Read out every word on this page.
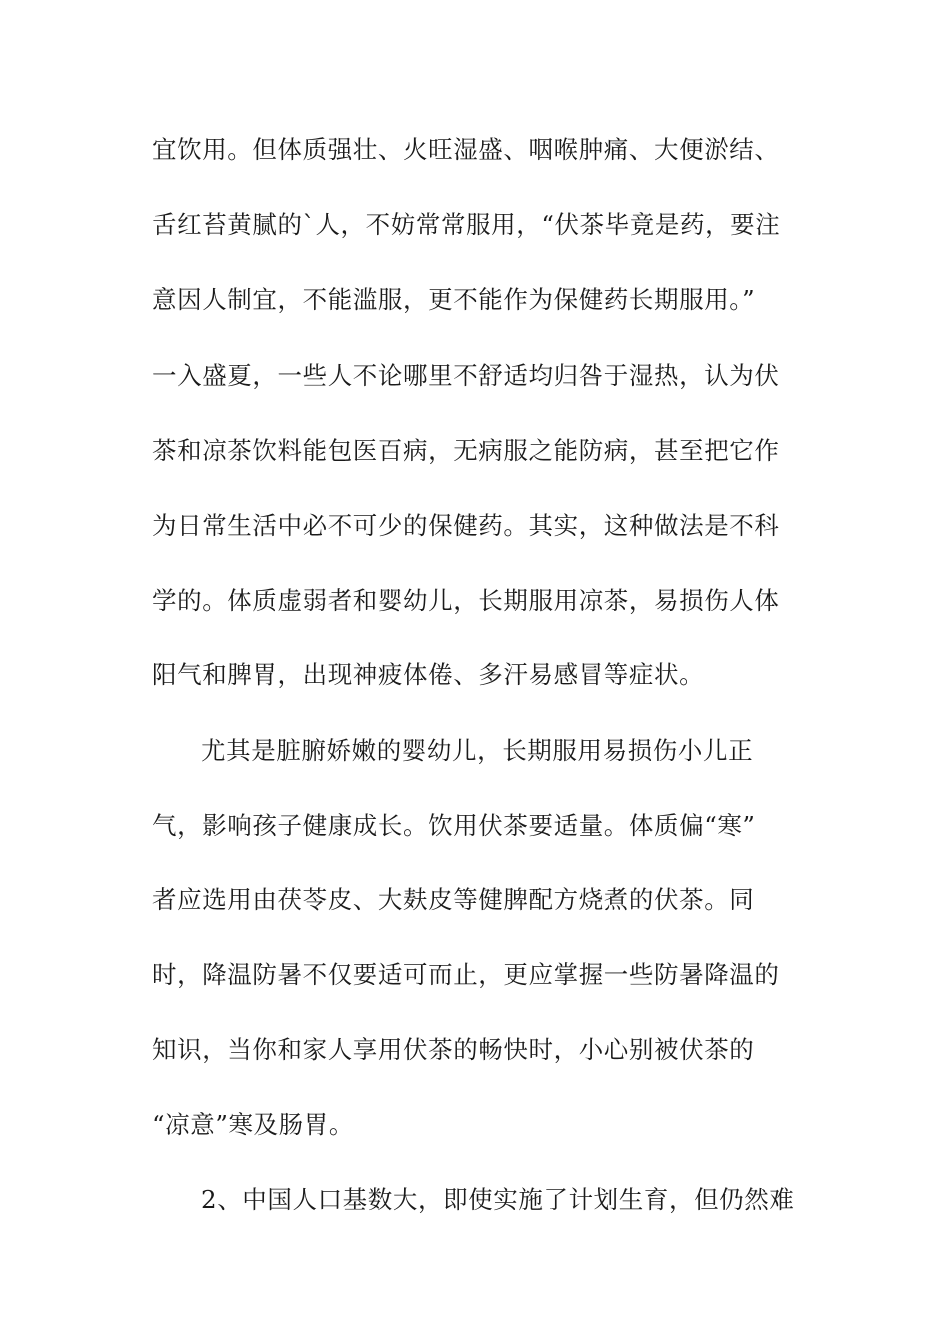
宜饮用。但体质强壮、火旺湿盛、咽喉肿痛、大便淤结、
舌红苔黄腻的`人，不妨常常服用，“伏茶毕竟是药，要注
意因人制宜，不能滥服，更不能作为保健药长期服用。”
一入盛夏，一些人不论哪里不舒适均归咎于湿热，认为伏
茶和凉茶饮料能包医百病，无病服之能防病，甚至把它作
为日常生活中必不可少的保健药。其实，这种做法是不科
学的。体质虚弱者和婴幼儿，长期服用凉茶，易损伤人体
阳气和脾胃，出现神疲体倦、多汗易感冒等症状。
尤其是脏腑娇嫩的婴幼儿，长期服用易损伤小儿正
气，影响孩子健康成长。饮用伏茶要适量。体质偏“寒”
者应选用由茯苓皮、大麸皮等健脾配方烧煮的伏茶。同
时，降温防暑不仅要适可而止，更应掌握一些防暑降温的
知识，当你和家人享用伏茶的畅快时，小心别被伏茶的
“凉意”寒及肠胃。
2、中国人口基数大，即使实施了计划生育，但仍然难
